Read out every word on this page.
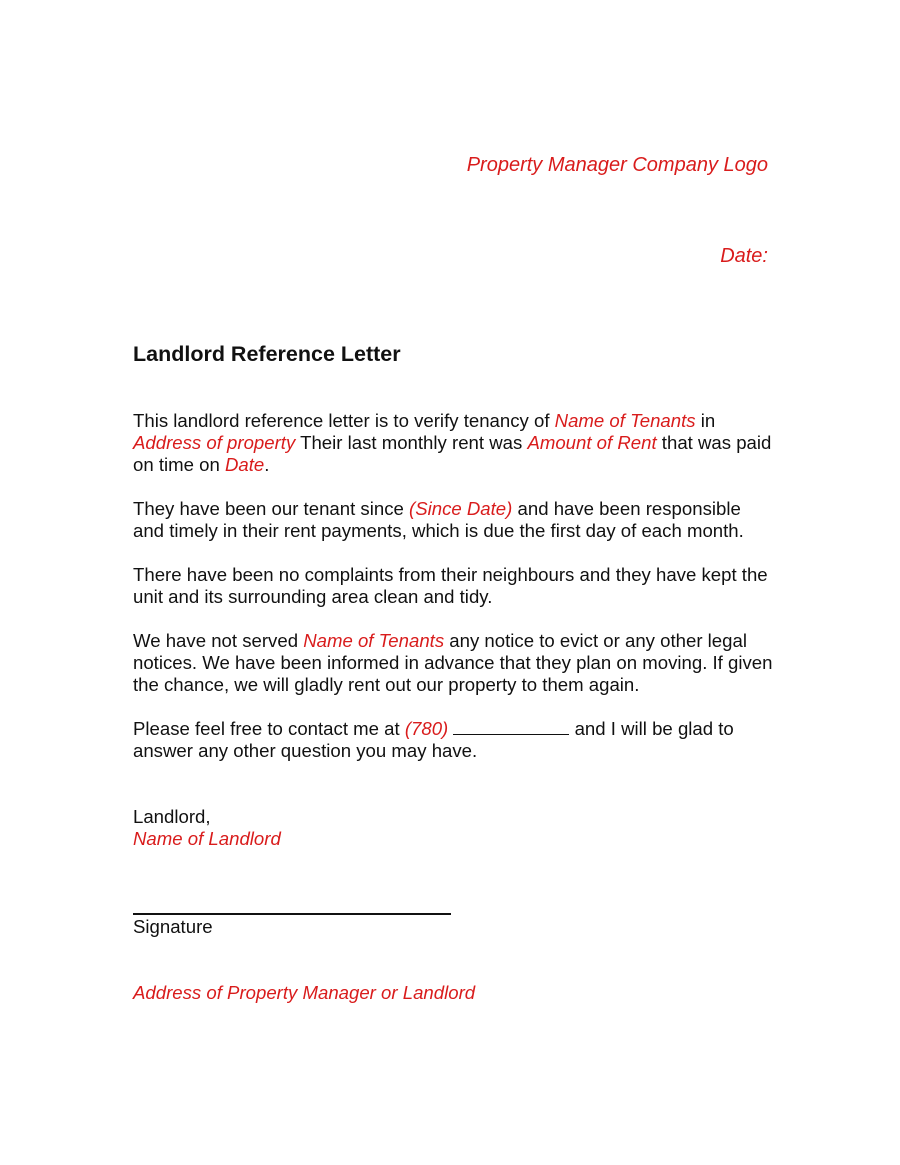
Property Manager Company Logo
Date:
Landlord Reference Letter

This landlord reference letter is to verify tenancy of Name of Tenants in Address of property Their last monthly rent was Amount of Rent that was paid on time on Date.

They have been our tenant since (Since Date) and have been responsible and timely in their rent payments, which is due the first day of each month.

There have been no complaints from their neighbours and they have kept the unit and its surrounding area clean and tidy.

We have not served Name of Tenants any notice to evict or any other legal notices. We have been informed in advance that they plan on moving. If given the chance, we will gladly rent out our property to them again.

Please feel free to contact me at (780)	and I will be glad to answer any other question you may have.

Landlord,
Name of Landlord
Signature
Address of Property Manager or Landlord
